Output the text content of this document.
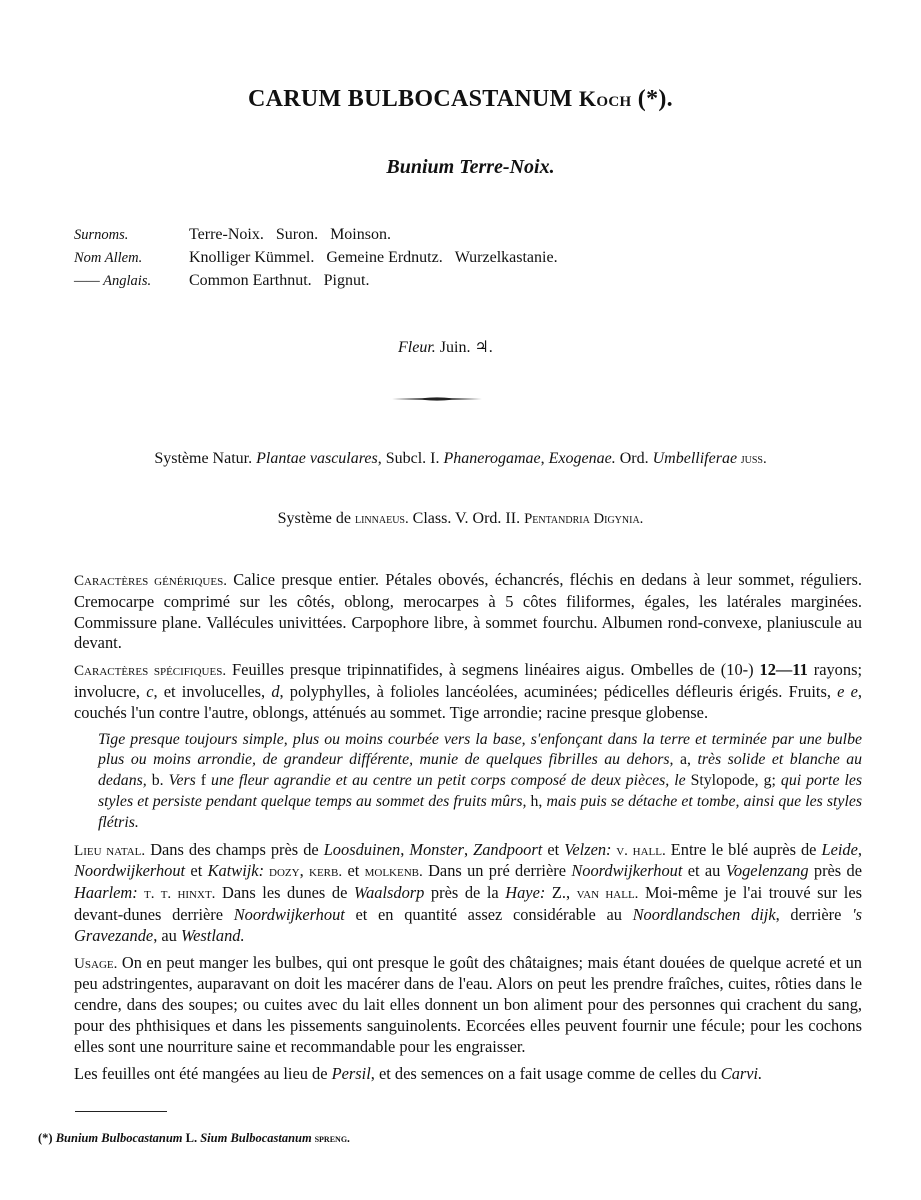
CARUM BULBOCASTANUM Koch (*).
Bunium Terre-Noix.
Surnoms.	Terre-Noix. Suron. Moinson.
Nom Allem.	Knolliger Kümmel. Gemeine Erdnutz. Wurzelkastanie.
—— Anglais.	Common Earthnut. Pignut.
Fleur. Juin. ♃.
Système Natur. Plantae vasculares, Subcl. I. Phanerogamae, Exogenae. Ord. Umbelliferae juss.
Système de linnaeus. Class. V. Ord. II. Pentandria Digynia.

Caractères génériques. Calice presque entier. Pétales obovés, échancrés, fléchis en dedans à leur sommet, réguliers. Cremocarpe comprimé sur les côtés, oblong, merocarpes à 5 côtes filiformes, égales, les latérales marginées. Commissure plane. Vallécules univittées. Carpophore libre, à sommet fourchu. Albumen rond-convexe, planiuscule au devant.

Caractères spécifiques. Feuilles presque tripinnatifides, à segmens linéaires aigus. Ombelles de (10-) 12—11 rayons; involucre, c, et involucelles, d, polyphylles, à folioles lancéolées, acuminées; pédicelles défleuris érigés. Fruits, e e, couchés l'un contre l'autre, oblongs, atténués au sommet. Tige arrondie; racine presque globense.

Tige presque toujours simple, plus ou moins courbée vers la base, s'enfonçant dans la terre et terminée par une bulbe plus ou moins arrondie, de grandeur différente, munie de quelques fibrilles au dehors, a, très solide et blanche au dedans, b. Vers f une fleur agrandie et au centre un petit corps composé de deux pièces, le Stylopode, g; qui porte les styles et persiste pendant quelque temps au sommet des fruits mûrs, h, mais puis se détache et tombe, ainsi que les styles flétris.

Lieu natal. Dans des champs près de Loosduinen, Monster, Zandpoort et Velzen: v. hall. Entre le blé auprès de Leide, Noordwijkerhout et Katwijk: dozy, kerb. et molkenb. Dans un pré derrière Noordwijkerhout et au Vogelenzang près de Haarlem: t. t. hinxt. Dans les dunes de Waalsdorp près de la Haye: Z., van hall. Moi-même je l'ai trouvé sur les devant-dunes derrière Noordwijkerhout et en quantité assez considérable au Noordlandschen dijk, derrière 's Gravezande, au Westland.

Usage. On en peut manger les bulbes, qui ont presque le goût des châtaignes; mais étant douées de quelque acreté et un peu adstringentes, auparavant on doit les macérer dans de l'eau. Alors on peut les prendre fraîches, cuites, rôties dans le cendre, dans des soupes; ou cuites avec du lait elles donnent un bon aliment pour des personnes qui crachent du sang, pour des phthisiques et dans les pissements sanguinolents. Ecorcées elles peuvent fournir une fécule; pour les cochons elles sont une nourriture saine et recommandable pour les engraisser.

Les feuilles ont été mangées au lieu de Persil, et des semences on a fait usage comme de celles du Carvi.

(*) Bunium Bulbocastanum L. Sium Bulbocastanum spreng.
